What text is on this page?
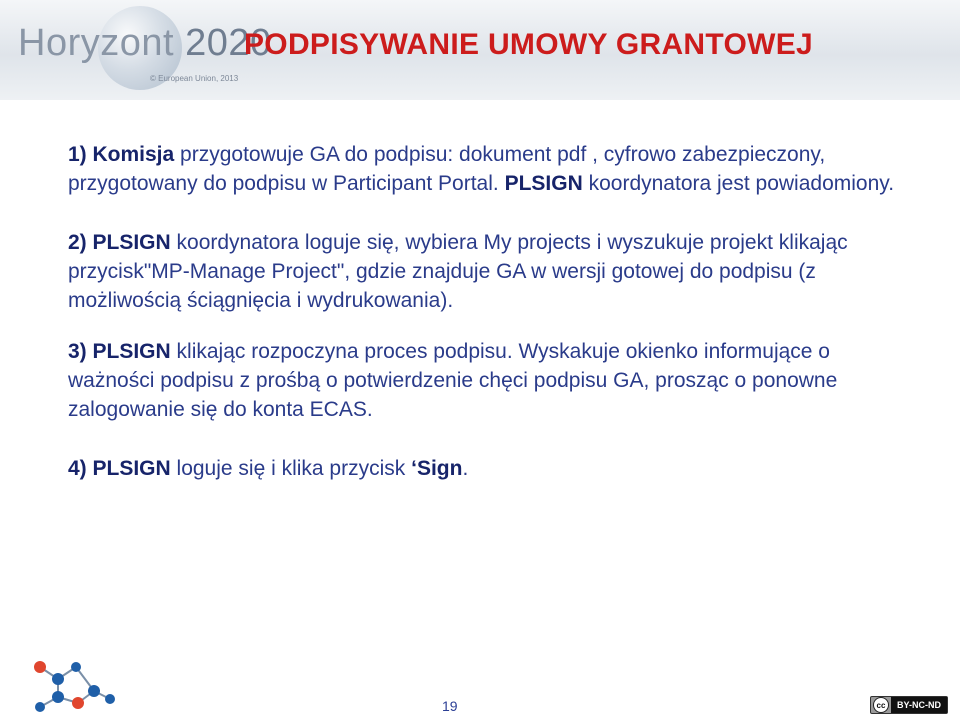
Horyzont 2020
© European Union, 2013
PODPISYWANIE UMOWY GRANTOWEJ

1) Komisja przygotowuje GA do podpisu: dokument pdf , cyfrowo zabezpieczony, przygotowany do podpisu w Participant Portal. PLSIGN koordynatora jest powiadomiony.

2) PLSIGN koordynatora loguje się, wybiera My projects i wyszukuje projekt klikając przycisk"MP-Manage Project", gdzie znajduje GA w wersji gotowej do podpisu (z możliwością ściągnięcia i wydrukowania).

3) PLSIGN klikając rozpoczyna proces podpisu. Wyskakuje okienko informujące o ważności podpisu z prośbą o potwierdzenie chęci podpisu GA, prosząc o ponowne zalogowanie się do konta ECAS.

4) PLSIGN loguje się i klika przycisk ‘Sign.

19	cc	BY-NC-ND
